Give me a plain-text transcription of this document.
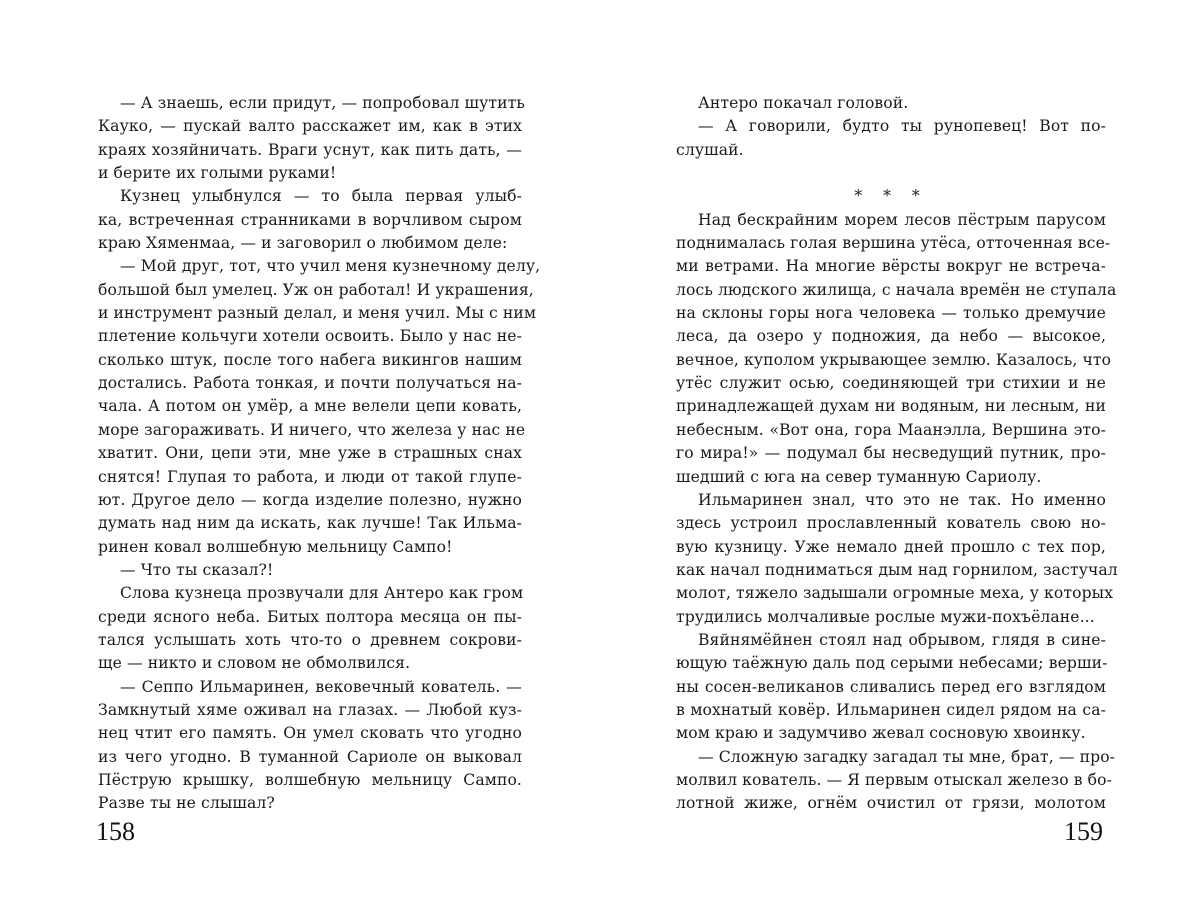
— А знаешь, если придут, — попробовал шутить
Кауко, — пускай валто расскажет им, как в этих
краях хозяйничать. Враги уснут, как пить дать, —
и берите их голыми руками!
Кузнец улыбнулся — то была первая улыб-
ка, встреченная странниками в ворчливом сыром
краю Хяменмаа, — и заговорил о любимом деле:
— Мой друг, тот, что учил меня кузнечному делу,
большой был умелец. Уж он работал! И украшения,
и инструмент разный делал, и меня учил. Мы с ним
плетение кольчуги хотели освоить. Было у нас не-
сколько штук, после того набега викингов нашим
достались. Работа тонкая, и почти получаться на-
чала. А потом он умёр, а мне велели цепи ковать,
море загораживать. И ничего, что железа у нас не
хватит. Они, цепи эти, мне уже в страшных снах
снятся! Глупая то работа, и люди от такой глупе-
ют. Другое дело — когда изделие полезно, нужно
думать над ним да искать, как лучше! Так Ильма-
ринен ковал волшебную мельницу Сампо!
— Что ты сказал?!
Слова кузнеца прозвучали для Антеро как гром
среди ясного неба. Битых полтора месяца он пы-
тался услышать хоть что-то о древнем сокрови-
ще — никто и словом не обмолвился.
— Сеппо Ильмаринен, вековечный кователь. —
Замкнутый хяме оживал на глазах. — Любой куз-
нец чтит его память. Он умел сковать что угодно
из чего угодно. В туманной Сариоле он выковал
Пёструю крышку, волшебную мельницу Сампо.
Разве ты не слышал?
Антеро покачал головой.
— А говорили, будто ты рунопевец! Вот по-
слушай.
* * *
Над бескрайним морем лесов пёстрым парусом
поднималась голая вершина утёса, отточенная все-
ми ветрами. На многие вёрсты вокруг не встреча-
лось людского жилища, с начала времён не ступала
на склоны горы нога человека — только дремучие
леса, да озеро у подножия, да небо — высокое,
вечное, куполом укрывающее землю. Казалось, что
утёс служит осью, соединяющей три стихии и не
принадлежащей духам ни водяным, ни лесным, ни
небесным. «Вот она, гора Маанэлла, Вершина это-
го мира!» — подумал бы несведущий путник, про-
шедший с юга на север туманную Сариолу.
Ильмаринен знал, что это не так. Но именно
здесь устроил прославленный кователь свою но-
вую кузницу. Уже немало дней прошло с тех пор,
как начал подниматься дым над горнилом, застучал
молот, тяжело задышали огромные меха, у которых
трудились молчаливые рослые мужи-похъёлане...
Вяйнямёйнен стоял над обрывом, глядя в сине-
ющую таёжную даль под серыми небесами; верши-
ны сосен-великанов сливались перед его взглядом
в мохнатый ковёр. Ильмаринен сидел рядом на са-
мом краю и задумчиво жевал сосновую хвоинку.
— Сложную загадку загадал ты мне, брат, — про-
молвил кователь. — Я первым отыскал железо в бо-
лотной жиже, огнём очистил от грязи, молотом
158	159
